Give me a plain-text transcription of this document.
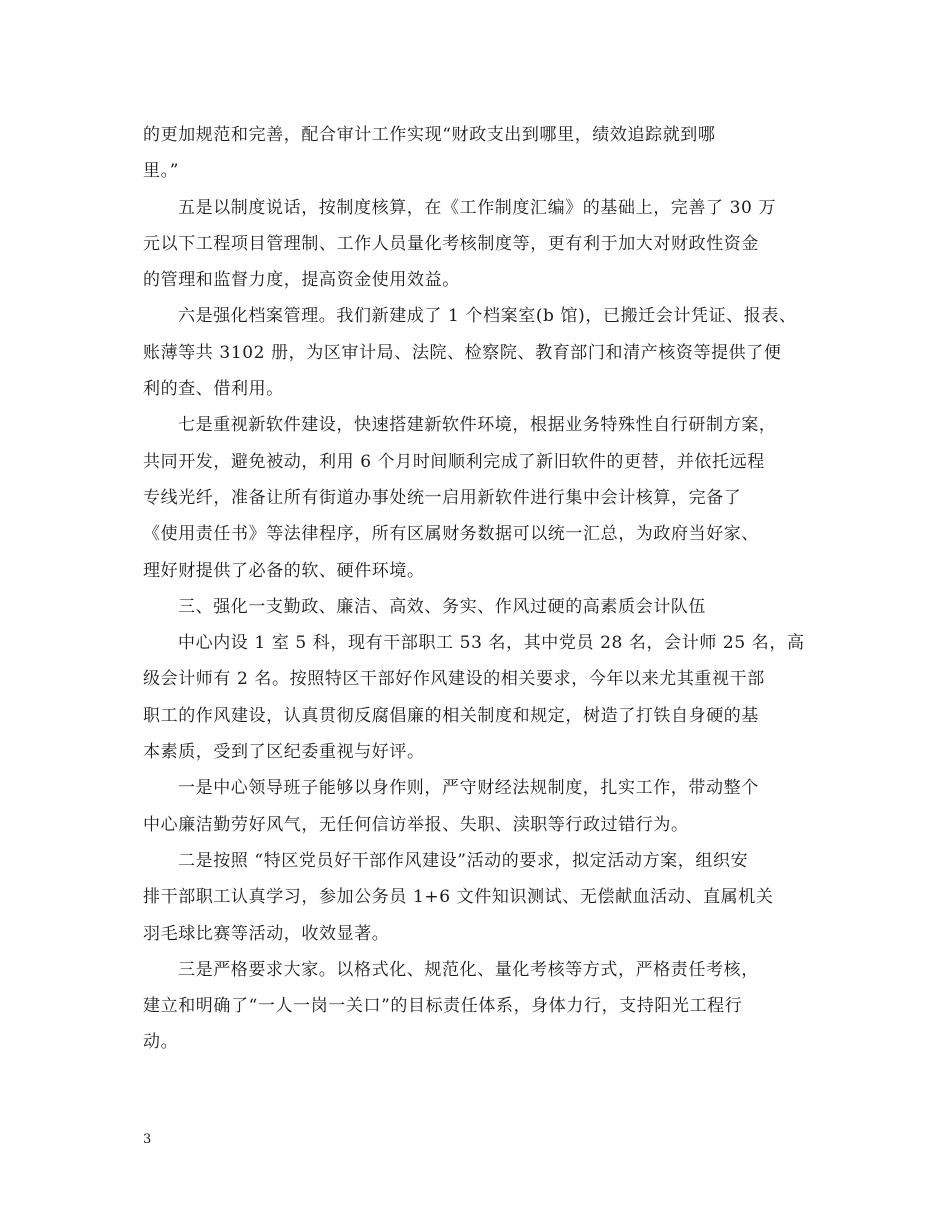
的更加规范和完善，配合审计工作实现“财政支出到哪里，绩效追踪就到哪
里。”
五是以制度说话，按制度核算，在《工作制度汇编》的基础上，完善了 30 万
元以下工程项目管理制、工作人员量化考核制度等，更有利于加大对财政性资金
的管理和监督力度，提高资金使用效益。
六是强化档案管理。我们新建成了 1 个档案室(b 馆)，已搬迁会计凭证、报表、
账薄等共 3102 册，为区审计局、法院、检察院、教育部门和清产核资等提供了便
利的查、借利用。
七是重视新软件建设，快速搭建新软件环境，根据业务特殊性自行研制方案，
共同开发，避免被动，利用 6 个月时间顺利完成了新旧软件的更替，并依托远程
专线光纤，准备让所有街道办事处统一启用新软件进行集中会计核算，完备了
《使用责任书》等法律程序，所有区属财务数据可以统一汇总，为政府当好家、
理好财提供了必备的软、硬件环境。
三、强化一支勤政、廉洁、高效、务实、作风过硬的高素质会计队伍
中心内设 1 室 5 科，现有干部职工 53 名，其中党员 28 名，会计师 25 名，高
级会计师有 2 名。按照特区干部好作风建设的相关要求，今年以来尤其重视干部
职工的作风建设，认真贯彻反腐倡廉的相关制度和规定，树造了打铁自身硬的基
本素质，受到了区纪委重视与好评。
一是中心领导班子能够以身作则，严守财经法规制度，扎实工作，带动整个
中心廉洁勤劳好风气，无任何信访举报、失职、渎职等行政过错行为。
二是按照 “特区党员好干部作风建设”活动的要求，拟定活动方案，组织安
排干部职工认真学习，参加公务员 1+6 文件知识测试、无偿献血活动、直属机关
羽毛球比赛等活动，收效显著。
三是严格要求大家。以格式化、规范化、量化考核等方式，严格责任考核，
建立和明确了“一人一岗一关口”的目标责任体系，身体力行，支持阳光工程行
动。
3
